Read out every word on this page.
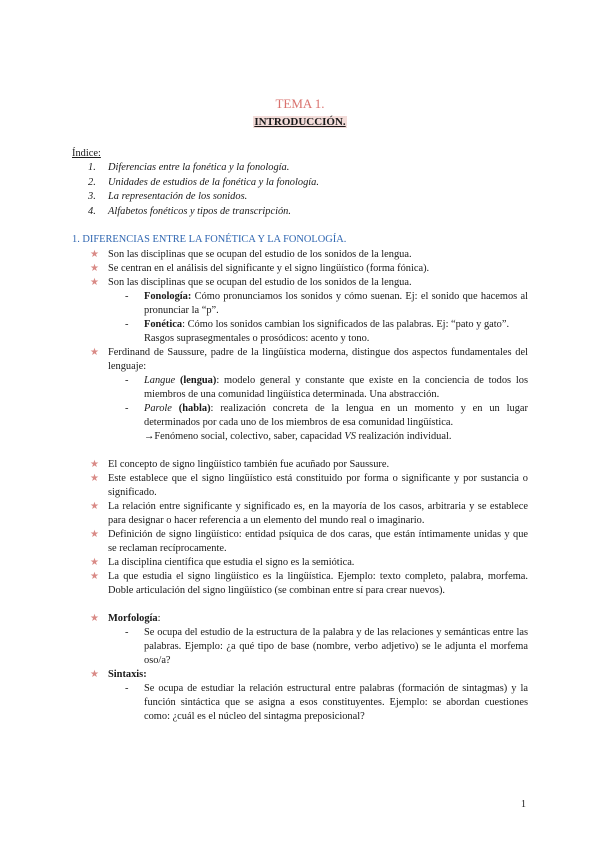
TEMA 1.
INTRODUCCIÓN.
Índice:
1. Diferencias entre la fonética y la fonología.
2. Unidades de estudios de la fonética y la fonología.
3. La representación de los sonidos.
4. Alfabetos fonéticos y tipos de transcripción.
1. DIFERENCIAS ENTRE LA FONÉTICA Y LA FONOLOGÍA.
★ Son las disciplinas que se ocupan del estudio de los sonidos de la lengua.
★ Se centran en el análisis del significante y el signo lingüístico (forma fónica).
★ Son las disciplinas que se ocupan del estudio de los sonidos de la lengua.
- Fonología: Cómo pronunciamos los sonidos y cómo suenan. Ej: el sonido que hacemos al pronunciar la “p”.
- Fonética: Cómo los sonidos cambian los significados de las palabras. Ej: “pato y gato”.
Rasgos suprasegmentales o prosódicos: acento y tono.
★ Ferdinand de Saussure, padre de la lingüística moderna, distingue dos aspectos fundamentales del lenguaje:
- Langue (lengua): modelo general y constante que existe en la conciencia de todos los miembros de una comunidad lingüística determinada. Una abstracción.
- Parole (habla): realización concreta de la lengua en un momento y en un lugar determinados por cada uno de los miembros de esa comunidad lingüística.
→Fenómeno social, colectivo, saber, capacidad VS realización individual.
★ El concepto de signo lingüístico también fue acuñado por Saussure.
★ Este establece que el signo lingüístico está constituido por forma o significante y por sustancia o significado.
★ La relación entre significante y significado es, en la mayoría de los casos, arbitraria y se establece para designar o hacer referencia a un elemento del mundo real o imaginario.
★ Definición de signo lingüístico: entidad psíquica de dos caras, que están íntimamente unidas y que se reclaman recíprocamente.
★ La disciplina científica que estudia el signo es la semiótica.
★ La que estudia el signo lingüístico es la lingüística. Ejemplo: texto completo, palabra, morfema. Doble articulación del signo lingüístico (se combinan entre sí para crear nuevos).
★ Morfología:
- Se ocupa del estudio de la estructura de la palabra y de las relaciones y semánticas entre las palabras. Ejemplo: ¿a qué tipo de base (nombre, verbo adjetivo) se le adjunta el morfema oso/a?
★ Sintaxis:
- Se ocupa de estudiar la relación estructural entre palabras (formación de sintagmas) y la función sintáctica que se asigna a esos constituyentes. Ejemplo: se abordan cuestiones como: ¿cuál es el núcleo del sintagma preposicional?
1
